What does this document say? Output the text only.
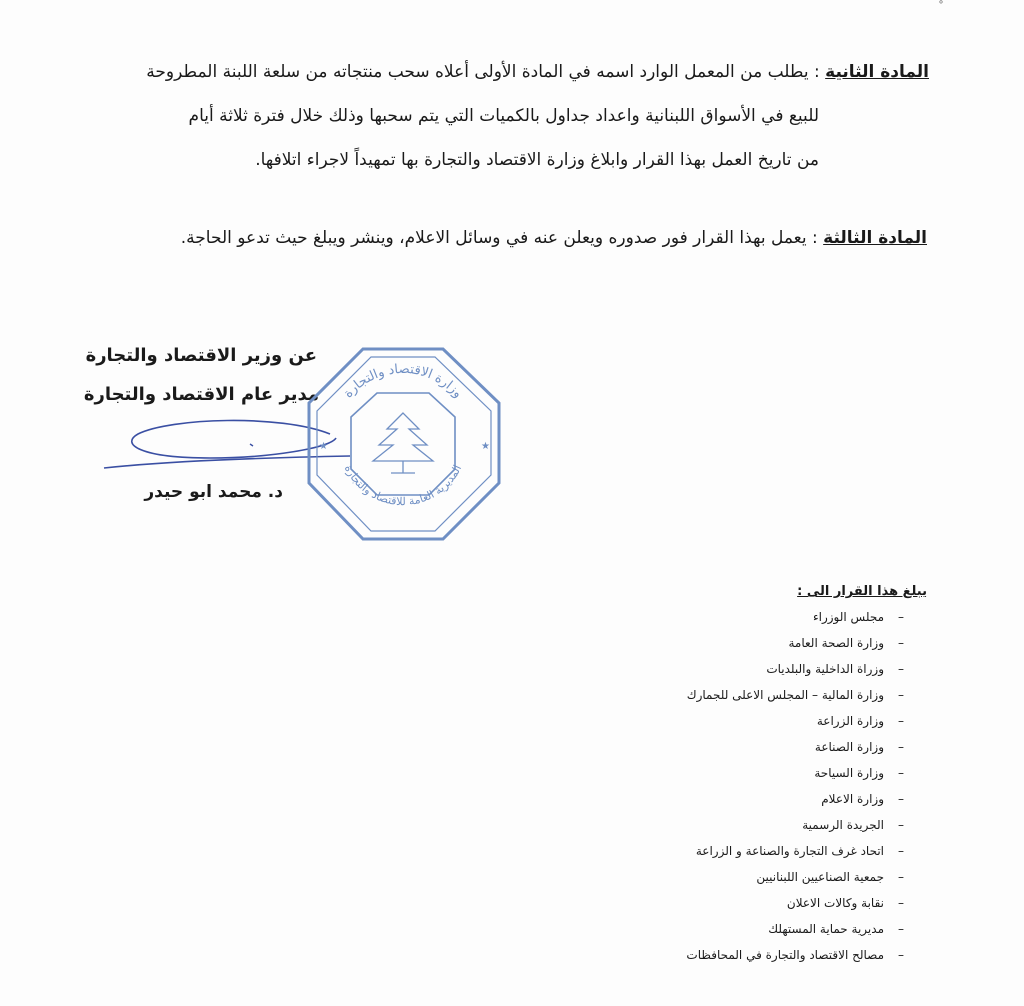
˚
المادة الثانية : يطلب من المعمل الوارد اسمه في المادة الأولى أعلاه سحب منتجاته من سلعة اللبنة المطروحة
للبيع في الأسواق اللبنانية واعداد جداول بالكميات التي يتم سحبها وذلك خلال فترة ثلاثة أيام
من تاريخ العمل بهذا القرار وابلاغ وزارة الاقتصاد والتجارة بها تمهيداً لاجراء اتلافها.
المادة الثالثة : يعمل بهذا القرار فور صدوره ويعلن عنه في وسائل الاعلام، وينشر ويبلغ حيث تدعو الحاجة.
عن وزير الاقتصاد والتجارة
مدير عام الاقتصاد والتجارة
د. محمد ابو حيدر
وزارة الاقتصاد والتجارة
المديرية العامة للاقتصاد والتجارة
★
★
يبلغ هذا القرار الى :
–
مجلس الوزراء
–
وزارة الصحة العامة
–
وزراة الداخلية والبلديات
–
وزارة المالية – المجلس الاعلى للجمارك
–
وزارة الزراعة
–
وزارة الصناعة
–
وزارة السياحة
–
وزارة الاعلام
–
الجريدة الرسمية
–
اتحاد غرف التجارة والصناعة و الزراعة
–
جمعية الصناعيين اللبنانيين
–
نقابة وكالات الاعلان
–
مديرية حماية المستهلك
–
مصالح الاقتصاد والتجارة في المحافظات
